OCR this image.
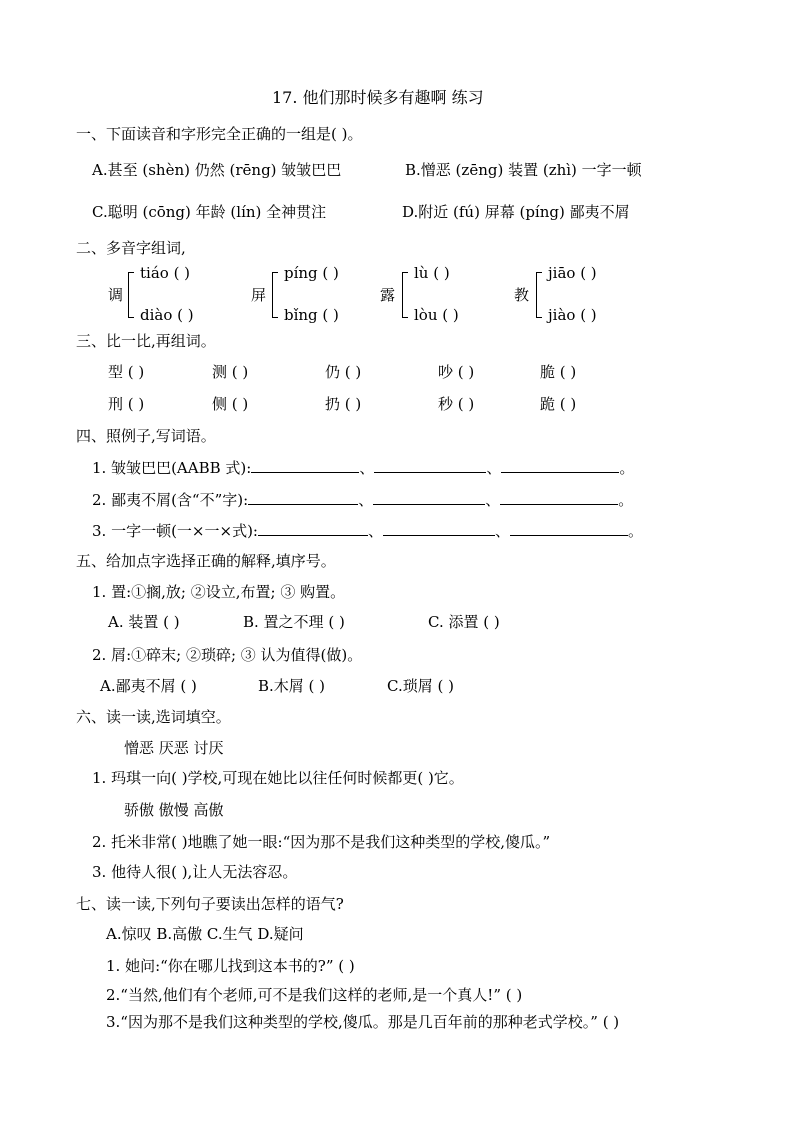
17. 他们那时候多有趣啊 练习
一、下面读音和字形完全正确的一组是( )。
A.甚至 (shèn) 仍然 (rēng) 皱皱巴巴	B.憎恶 (zēng) 装置 (zhì) 一字一顿
C.聪明 (cōng) 年龄 (lín) 全神贯注	D.附近 (fú) 屏幕 (píng) 鄙夷不屑
二、多音字组词,
调
tiáo ( )
diào ( )
屏
píng ( )
bǐng ( )
露
lù ( )
lòu ( )
教
jiāo ( )
jiào ( )
三、比一比,再组词。
型 ( )	测 ( )	仍 ( )	吵 ( )	脆 ( )
刑 ( )	侧 ( )	扔 ( )	秒 ( )	跪 ( )
四、照例子,写词语。
1. 皱皱巴巴(AABB 式):	、	、	。
2. 鄙夷不屑(含“不”字):	、	、	。
3. 一字一顿(一×一×式):	、	、	。
五、给加点字选择正确的解释,填序号。
1. 置:①搁,放; ②设立,布置; ③ 购置。
A. 装置 ( )	B. 置之不理 ( )	C. 添置 ( )
2. 屑:①碎末; ②琐碎; ③ 认为值得(做)。
A.鄙夷不屑 ( )	B.木屑 ( )	C.琐屑 ( )
六、读一读,选词填空。
憎恶 厌恶 讨厌
1. 玛琪一向( )学校,可现在她比以往任何时候都更( )它。
骄傲 傲慢 高傲
2. 托米非常( )地瞧了她一眼:“因为那不是我们这种类型的学校,傻瓜。”
3. 他待人很( ),让人无法容忍。
七、读一读,下列句子要读出怎样的语气?
A.惊叹 B.高傲 C.生气 D.疑问
1. 她问:“你在哪儿找到这本书的?” ( )
2.“当然,他们有个老师,可不是我们这样的老师,是一个真人!” ( )
3.“因为那不是我们这种类型的学校,傻瓜。那是几百年前的那种老式学校。” ( )
